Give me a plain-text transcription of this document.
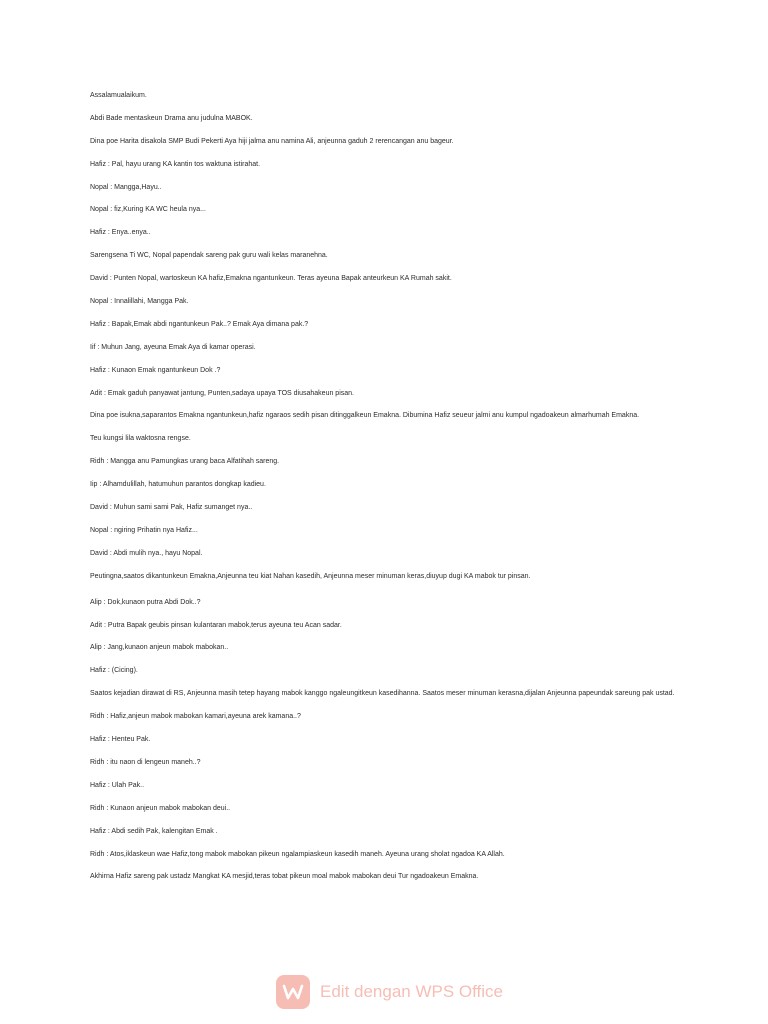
Assalamualaikum.

Abdi Bade mentaskeun Drama anu judulna MABOK.

Dina poe Harita disakola SMP Budi Pekerti Aya hiji jalma anu namina Ali, anjeunna gaduh 2 rerencangan anu bageur.

Hafiz : Pal, hayu urang KA kantin tos waktuna istirahat.

Nopal : Mangga,Hayu..

Nopal : fiz,Kuring KA WC heula nya...

Hafiz : Enya..enya..

Sarengsena Ti WC, Nopal papendak sareng pak guru wali kelas maranehna.

David : Punten Nopal, wartoskeun KA hafiz,Emakna ngantunkeun. Teras ayeuna Bapak anteurkeun KA Rumah sakit.

Nopal : Innalillahi, Mangga Pak.

Hafiz : Bapak,Emak abdi ngantunkeun Pak..? Emak Aya dimana pak.?

Iif : Muhun Jang, ayeuna Emak Aya di kamar operasi.

Hafiz : Kunaon Emak ngantunkeun Dok .?

Adit : Emak gaduh panyawat jantung, Punten,sadaya upaya TOS diusahakeun pisan.

Dina poe isukna,saparantos Emakna ngantunkeun,hafiz ngaraos sedih pisan ditinggalkeun Emakna. Dibumina Hafiz seueur jalmi anu kumpul ngadoakeun almarhumah Emakna.

Teu kungsi lila waktosna rengse.

Ridh : Mangga anu Pamungkas urang baca Alfatihah sareng.

Iip : Alhamdulillah, hatumuhun parantos dongkap kadieu.

David : Muhun sami sami Pak, Hafiz sumanget nya..

Nopal : ngiring Prihatin nya Hafiz...

David : Abdi mulih nya., hayu Nopal.

Peutingna,saatos dikantunkeun Emakna,Anjeunna teu kiat Nahan kasedih, Anjeunna meser minuman keras,diuyup dugi KA mabok tur pinsan.

Alip : Dok,kunaon putra Abdi Dok..?

Adit : Putra Bapak geubis pinsan kulantaran mabok,terus ayeuna teu Acan sadar.

Alip : Jang,kunaon anjeun mabok mabokan..

Hafiz : (Cicing).

Saatos kejadian dirawat di RS, Anjeunna masih tetep hayang mabok kanggo ngaleungitkeun kasedihanna. Saatos meser minuman kerasna,dijalan Anjeunna papeundak sareung pak ustad.

Ridh : Hafiz,anjeun mabok mabokan kamari,ayeuna arek kamana..?

Hafiz : Henteu Pak.

Ridh : itu naon di lengeun maneh..?

Hafiz : Ulah Pak..

Ridh : Kunaon anjeun mabok mabokan deui..

Hafiz : Abdi sedih Pak, kalengitan Emak .

Ridh : Atos,iklaskeun wae Hafiz,tong mabok mabokan pikeun ngalampiaskeun kasedih maneh. Ayeuna urang sholat ngadoa KA Allah.

Akhirna Hafiz sareng pak ustadz Mangkat KA mesjid,teras tobat pikeun moal mabok mabokan deui Tur ngadoakeun Emakna.

Edit dengan WPS Office
